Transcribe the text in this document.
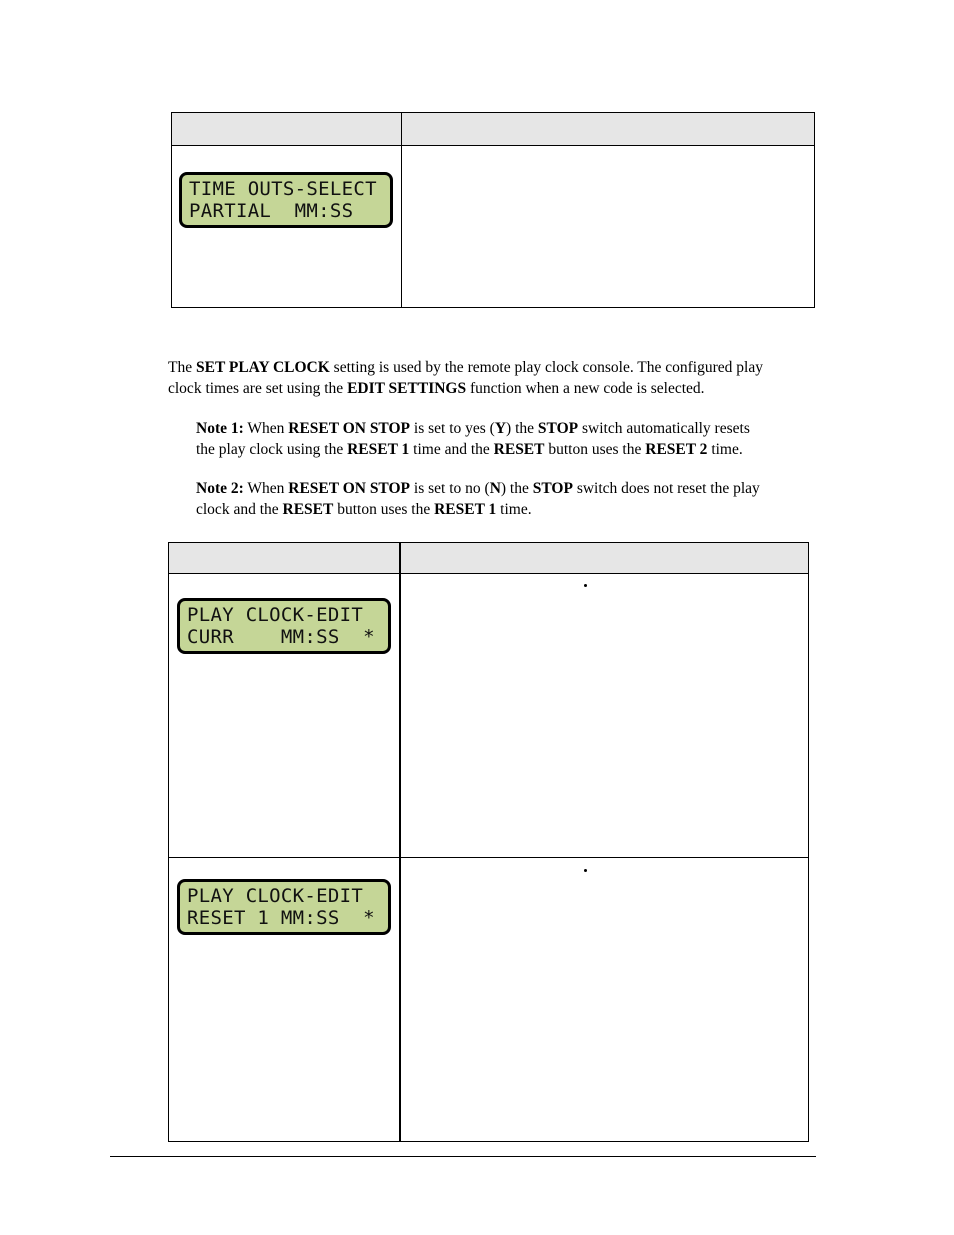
TIME OUTS-SELECT
PARTIAL  MM:SS	

The SET PLAY CLOCK setting is used by the remote play clock console. The configured play
clock times are set using the EDIT SETTINGS function when a new code is selected.
Note 1: When RESET ON STOP is set to yes (Y) the STOP switch automatically resets
the play clock using the RESET 1 time and the RESET button uses the RESET 2 time.
Note 2: When RESET ON STOP is set to no (N) the STOP switch does not reset the play
clock and the RESET button uses the RESET 1 time.

PLAY CLOCK-EDIT
CURR    MM:SS  *	

PLAY CLOCK-EDIT
RESET 1 MM:SS  *	
